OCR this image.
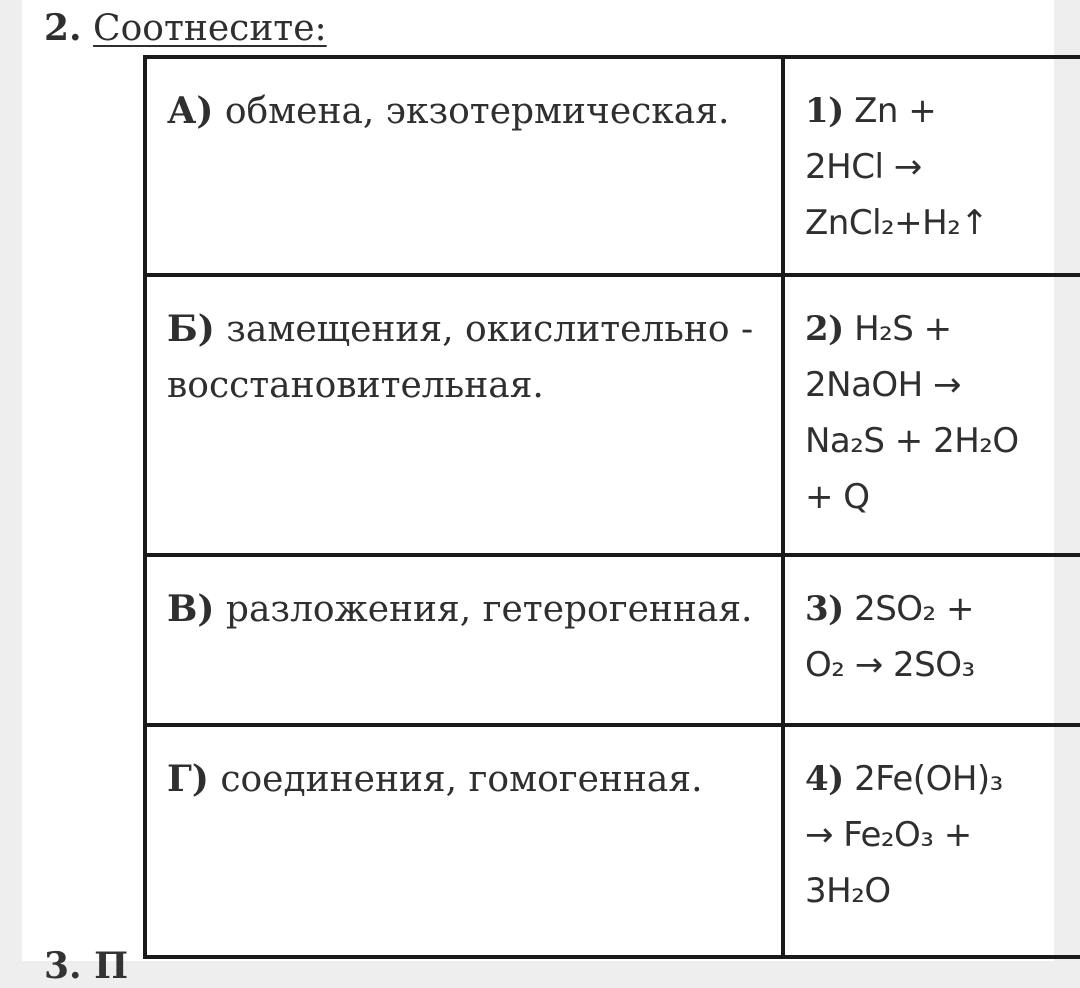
2. Соотнесите:
А) обмена, экзотермическая.	1) Zn +
2HCl →
ZnCl₂+H₂↑

Б) замещения, окислительно - восстановительная.	2) H₂S +
2NaOH →
Na₂S + 2H₂O
+ Q

В) разложения, гетерогенная.	3) 2SO₂ +
O₂ → 2SO₃

Г) соединения, гомогенная.	4) 2Fe(OH)₃
→ Fe₂O₃ +
3H₂O
3. П
